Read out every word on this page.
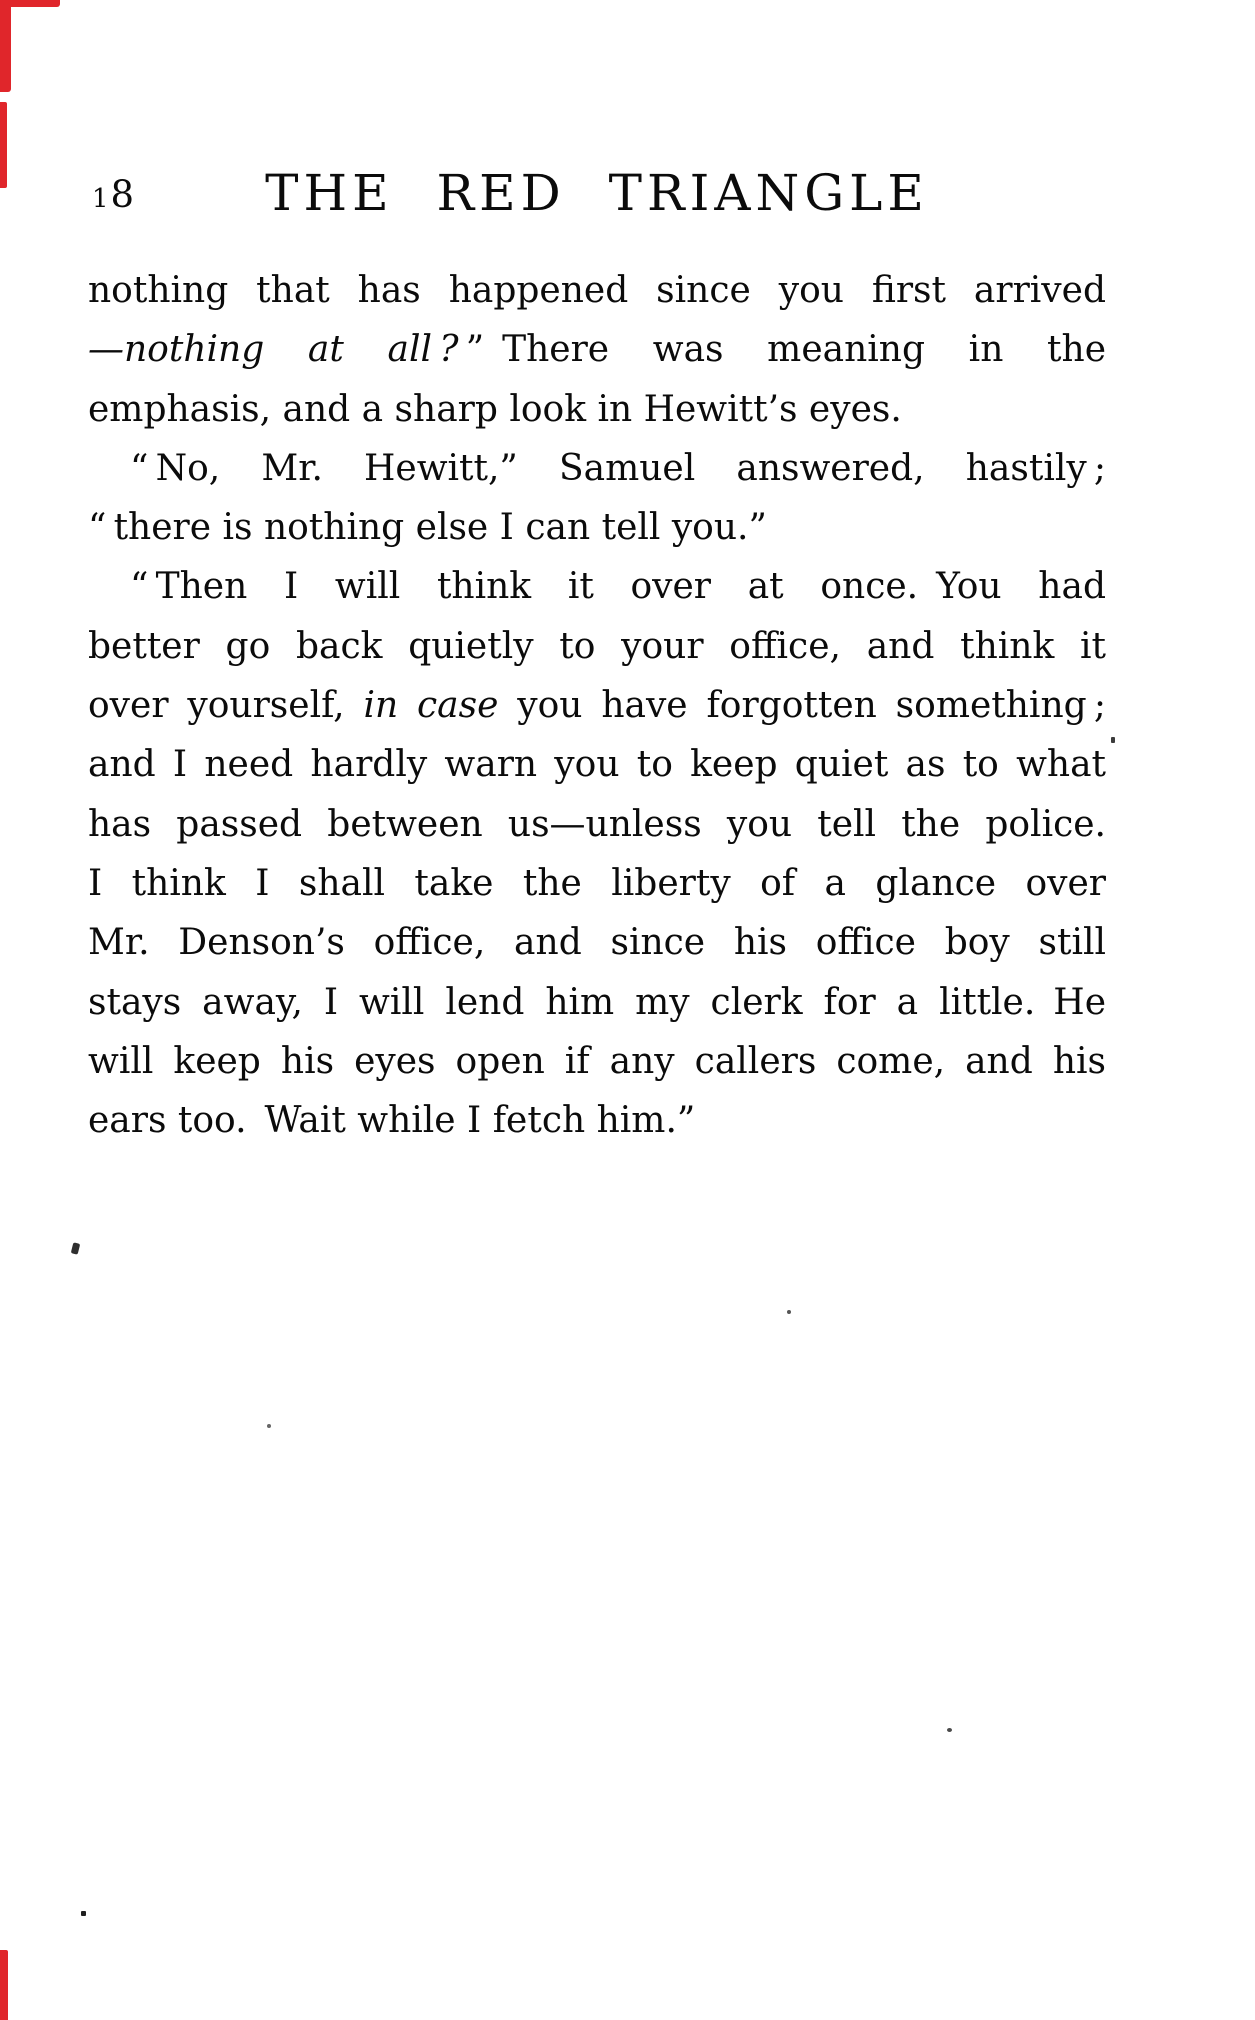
18	THE RED TRIANGLE
nothing that has happened since you first arrived
—nothing at all ? ” There was meaning in the
emphasis, and a sharp look in Hewitt’s eyes.
“ No, Mr. Hewitt,” Samuel answered, hastily ;
“ there is nothing else I can tell you.”
“ Then I will think it over at once. You had
better go back quietly to your office, and think it
over yourself, in case you have forgotten something ;
and I need hardly warn you to keep quiet as to what
has passed between us—unless you tell the police.
I think I shall take the liberty of a glance over
Mr. Denson’s office, and since his office boy still
stays away, I will lend him my clerk for a little. He
will keep his eyes open if any callers come, and his
ears too. Wait while I fetch him.”
